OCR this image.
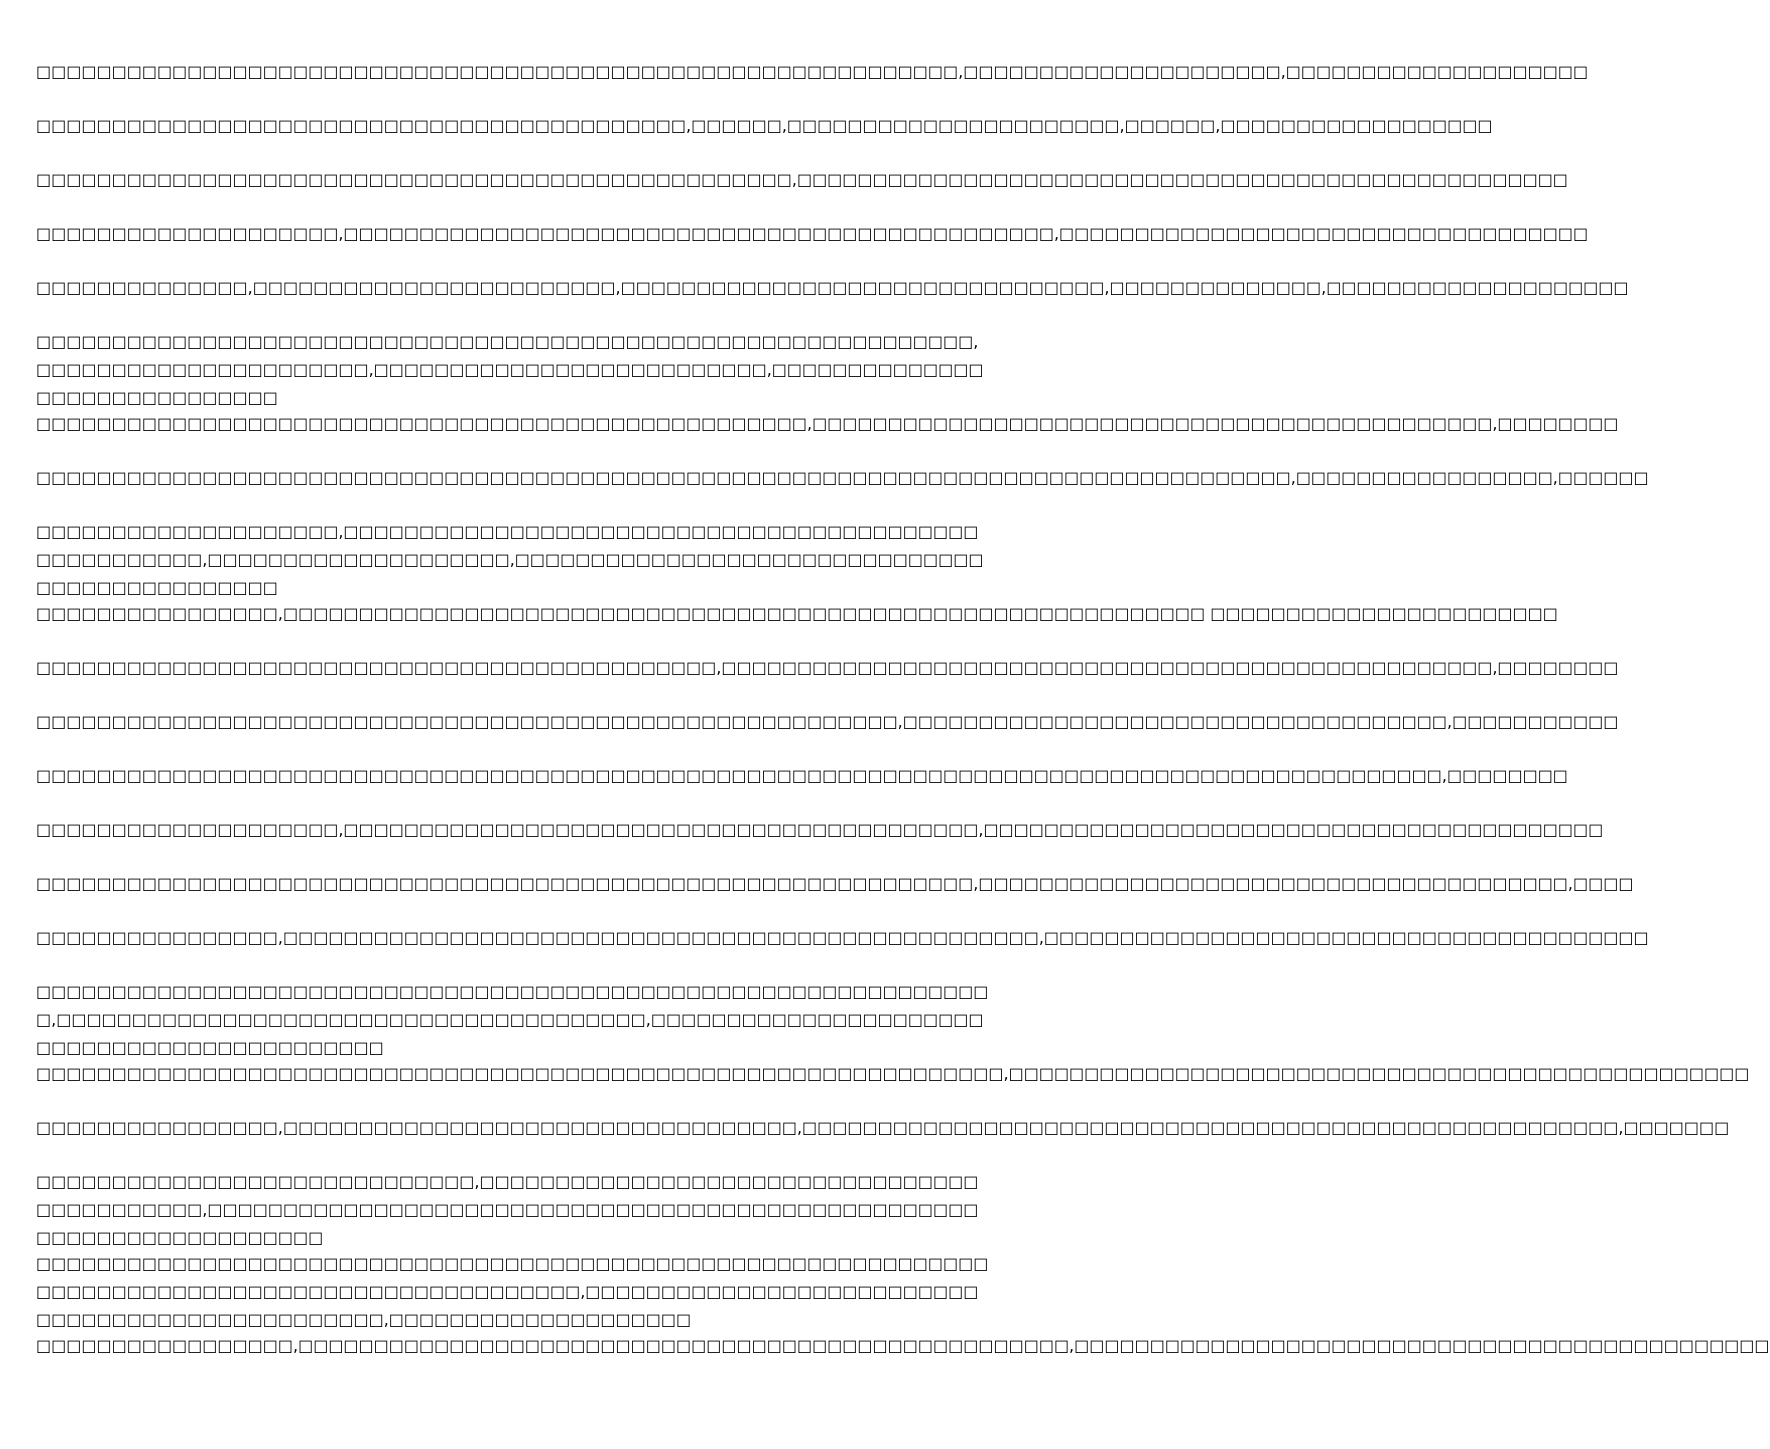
□□□□□□□□□□□□□□□□□□□□□□□□□□□□□□□□□□□□□□□□□□□□□□□□□□□□□□□□□□□□□,□□□□□□□□□□□□□□□□□□□□□,□□□□□□□□□□□□□□□□□□□□

□□□□□□□□□□□□□□□□□□□□□□□□□□□□□□□□□□□□□□□□□□□,□□□□□□,□□□□□□□□□□□□□□□□□□□□□□,□□□□□□,□□□□□□□□□□□□□□□□□□

□□□□□□□□□□□□□□□□□□□□□□□□□□□□□□□□□□□□□□□□□□□□□□□□□□,□□□□□□□□□□□□□□□□□□□□□□□□□□□□□□□□□□□□□□□□□□□□□□□□□□□

□□□□□□□□□□□□□□□□□□□□,□□□□□□□□□□□□□□□□□□□□□□□□□□□□□□□□□□□□□□□□□□□□□□□,□□□□□□□□□□□□□□□□□□□□□□□□□□□□□□□□□□□

□□□□□□□□□□□□□□,□□□□□□□□□□□□□□□□□□□□□□□□,□□□□□□□□□□□□□□□□□□□□□□□□□□□□□□□□,□□□□□□□□□□□□□□,□□□□□□□□□□□□□□□□□□□□

□□□□□□□□□□□□□□□□□□□□□□□□□□□□□□□□□□□□□□□□□□□□□□□□□□□□□□□□□□□□□□,□□□□□□□□□□□□□□□□□□□□□□,□□□□□□□□□□□□□□□□□□□□□□□□□□,□□□□□□□□□□□□□□□□□□□□□□□□□□□□□□

□□□□□□□□□□□□□□□□□□□□□□□□□□□□□□□□□□□□□□□□□□□□□□□□□□□,□□□□□□□□□□□□□□□□□□□□□□□□□□□□□□□□□□□□□□□□□□□□□,□□□□□□□□

□□□□□□□□□□□□□□□□□□□□□□□□□□□□□□□□□□□□□□□□□□□□□□□□□□□□□□□□□□□□□□□□□□□□□□□□□□□□□□□□□□□,□□□□□□□□□□□□□□□□□,□□□□□□

□□□□□□□□□□□□□□□□□□□□,□□□□□□□□□□□□□□□□□□□□□□□□□□□□□□□□□□□□□□□□□□□□□□□□□□□□□,□□□□□□□□□□□□□□□□□□□□,□□□□□□□□□□□□□□□□□□□□□□□□□□□□□□□□□□□□□□□□□□□□□□□

□□□□□□□□□□□□□□□□,□□□□□□□□□□□□□□□□□□□□□□□□□□□□□□□□□□□□□□□□□□□□□□□□□□□□□□□□□□□□□ □□□□□□□□□□□□□□□□□□□□□□□

□□□□□□□□□□□□□□□□□□□□□□□□□□□□□□□□□□□□□□□□□□□□□,□□□□□□□□□□□□□□□□□□□□□□□□□□□□□□□□□□□□□□□□□□□□□□□□□□□,□□□□□□□□

□□□□□□□□□□□□□□□□□□□□□□□□□□□□□□□□□□□□□□□□□□□□□□□□□□□□□□□□□,□□□□□□□□□□□□□□□□□□□□□□□□□□□□□□□□□□□□,□□□□□□□□□□□

□□□□□□□□□□□□□□□□□□□□□□□□□□□□□□□□□□□□□□□□□□□□□□□□□□□□□□□□□□□□□□□□□□□□□□□□□□□□□□□□□□□□□□□□□□□□□,□□□□□□□□

□□□□□□□□□□□□□□□□□□□□,□□□□□□□□□□□□□□□□□□□□□□□□□□□□□□□□□□□□□□□□□□,□□□□□□□□□□□□□□□□□□□□□□□□□□□□□□□□□□□□□□□□□

□□□□□□□□□□□□□□□□□□□□□□□□□□□□□□□□□□□□□□□□□□□□□□□□□□□□□□□□□□□□□□,□□□□□□□□□□□□□□□□□□□□□□□□□□□□□□□□□□□□□□□,□□□□

□□□□□□□□□□□□□□□□,□□□□□□□□□□□□□□□□□□□□□□□□□□□□□□□□□□□□□□□□□□□□□□□□□□,□□□□□□□□□□□□□□□□□□□□□□□□□□□□□□□□□□□□□□□□

□□□□□□□□□□□□□□□□□□□□□□□□□□□□□□□□□□□□□□□□□□□□□□□□□□□□□□□□□□□□□□□□,□□□□□□□□□□□□□□□□□□□□□□□□□□□□□□□□□□□□□□□,□□□□□□□□□□□□□□□□□□□□□□□□□□□□□□□□□□□□□□□□□□□□□

□□□□□□□□□□□□□□□□□□□□□□□□□□□□□□□□□□□□□□□□□□□□□□□□□□□□□□□□□□□□□□□□,□□□□□□□□□□□□□□□□□□□□□□□□□□□□□□□□□□□□□□□□□□□□□□□□□

□□□□□□□□□□□□□□□□,□□□□□□□□□□□□□□□□□□□□□□□□□□□□□□□□□□,□□□□□□□□□□□□□□□□□□□□□□□□□□□□□□□□□□□□□□□□□□□□□□□□□□□□□□,□□□□□□□

□□□□□□□□□□□□□□□□□□□□□□□□□□□□□,□□□□□□□□□□□□□□□□□□□□□□□□□□□□□□□□□□□□□□□□□□□□,□□□□□□□□□□□□□□□□□□□□□□□□□□□□□□□□□□□□□□□□□□□□□□□□□□□□□□□□□□□□□□□□□□□□□□

□□□□□□□□□□□□□□□□□□□□□□□□□□□□□□□□□□□□□□□□□□□□□□□□□□□□□□□□□□□□□□□□□□□□□□□□□□□□□□□□□□□□□□□□□□□□□□□□□□□,□□□□□□□□□□□□□□□□□□□□□□□□□□□□□□□□□□□□□□□□□□□□□□□□□,□□□□□□□□□□□□□□□□□□□□

□□□□□□□□□□□□□□□□□,□□□□□□□□□□□□□□□□□□□□□□□□□□□□□□□□□□□□□□□□□□□□□□□□□□□,□□□□□□□□□□□□□□□□□□□□□□□□□□□□□□□□□□□□□□□□□□□□□□
